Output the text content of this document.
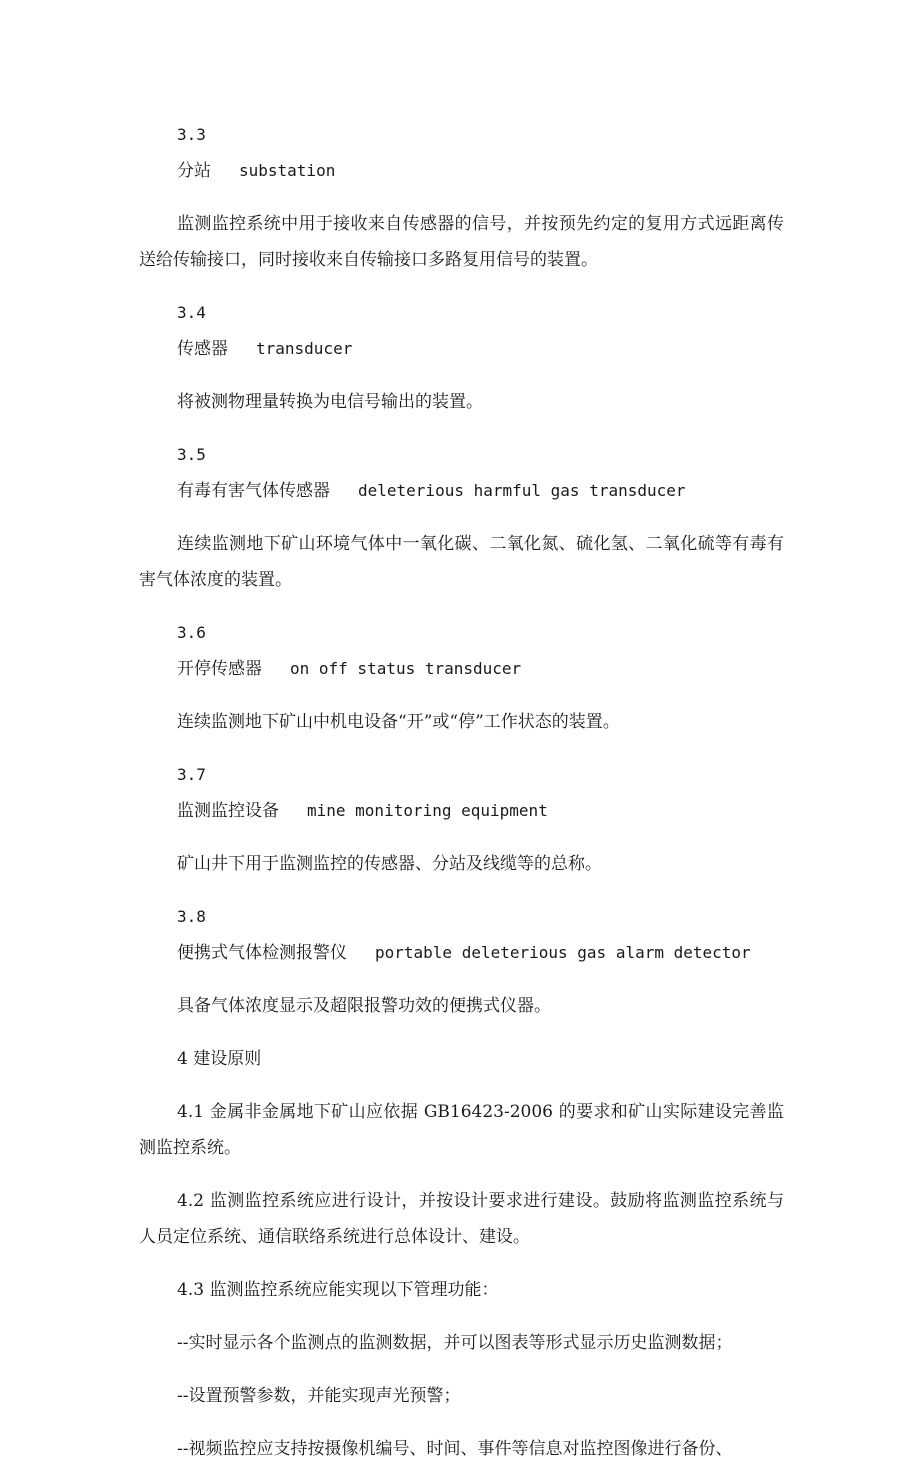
3.3

分站 substation

监测监控系统中用于接收来自传感器的信号，并按预先约定的复用方式远距离传送给传输接口，同时接收来自传输接口多路复用信号的装置。

3.4

传感器 transducer

将被测物理量转换为电信号输出的装置。

3.5

有毒有害气体传感器 deleterious harmful gas transducer

连续监测地下矿山环境气体中一氧化碳、二氧化氮、硫化氢、二氧化硫等有毒有害气体浓度的装置。

3.6

开停传感器 on off status transducer

连续监测地下矿山中机电设备“开”或“停”工作状态的装置。

3.7

监测监控设备 mine monitoring equipment

矿山井下用于监测监控的传感器、分站及线缆等的总称。

3.8

便携式气体检测报警仪 portable deleterious gas alarm detector

具备气体浓度显示及超限报警功效的便携式仪器。

4 建设原则

4.1 金属非金属地下矿山应依据 GB16423-2006 的要求和矿山实际建设完善监测监控系统。

4.2 监测监控系统应进行设计，并按设计要求进行建设。鼓励将监测监控系统与人员定位系统、通信联络系统进行总体设计、建设。

4.3 监测监控系统应能实现以下管理功能：

--实时显示各个监测点的监测数据，并可以图表等形式显示历史监测数据；

--设置预警参数，并能实现声光预警；

--视频监控应支持按摄像机编号、时间、事件等信息对监控图像进行备份、
